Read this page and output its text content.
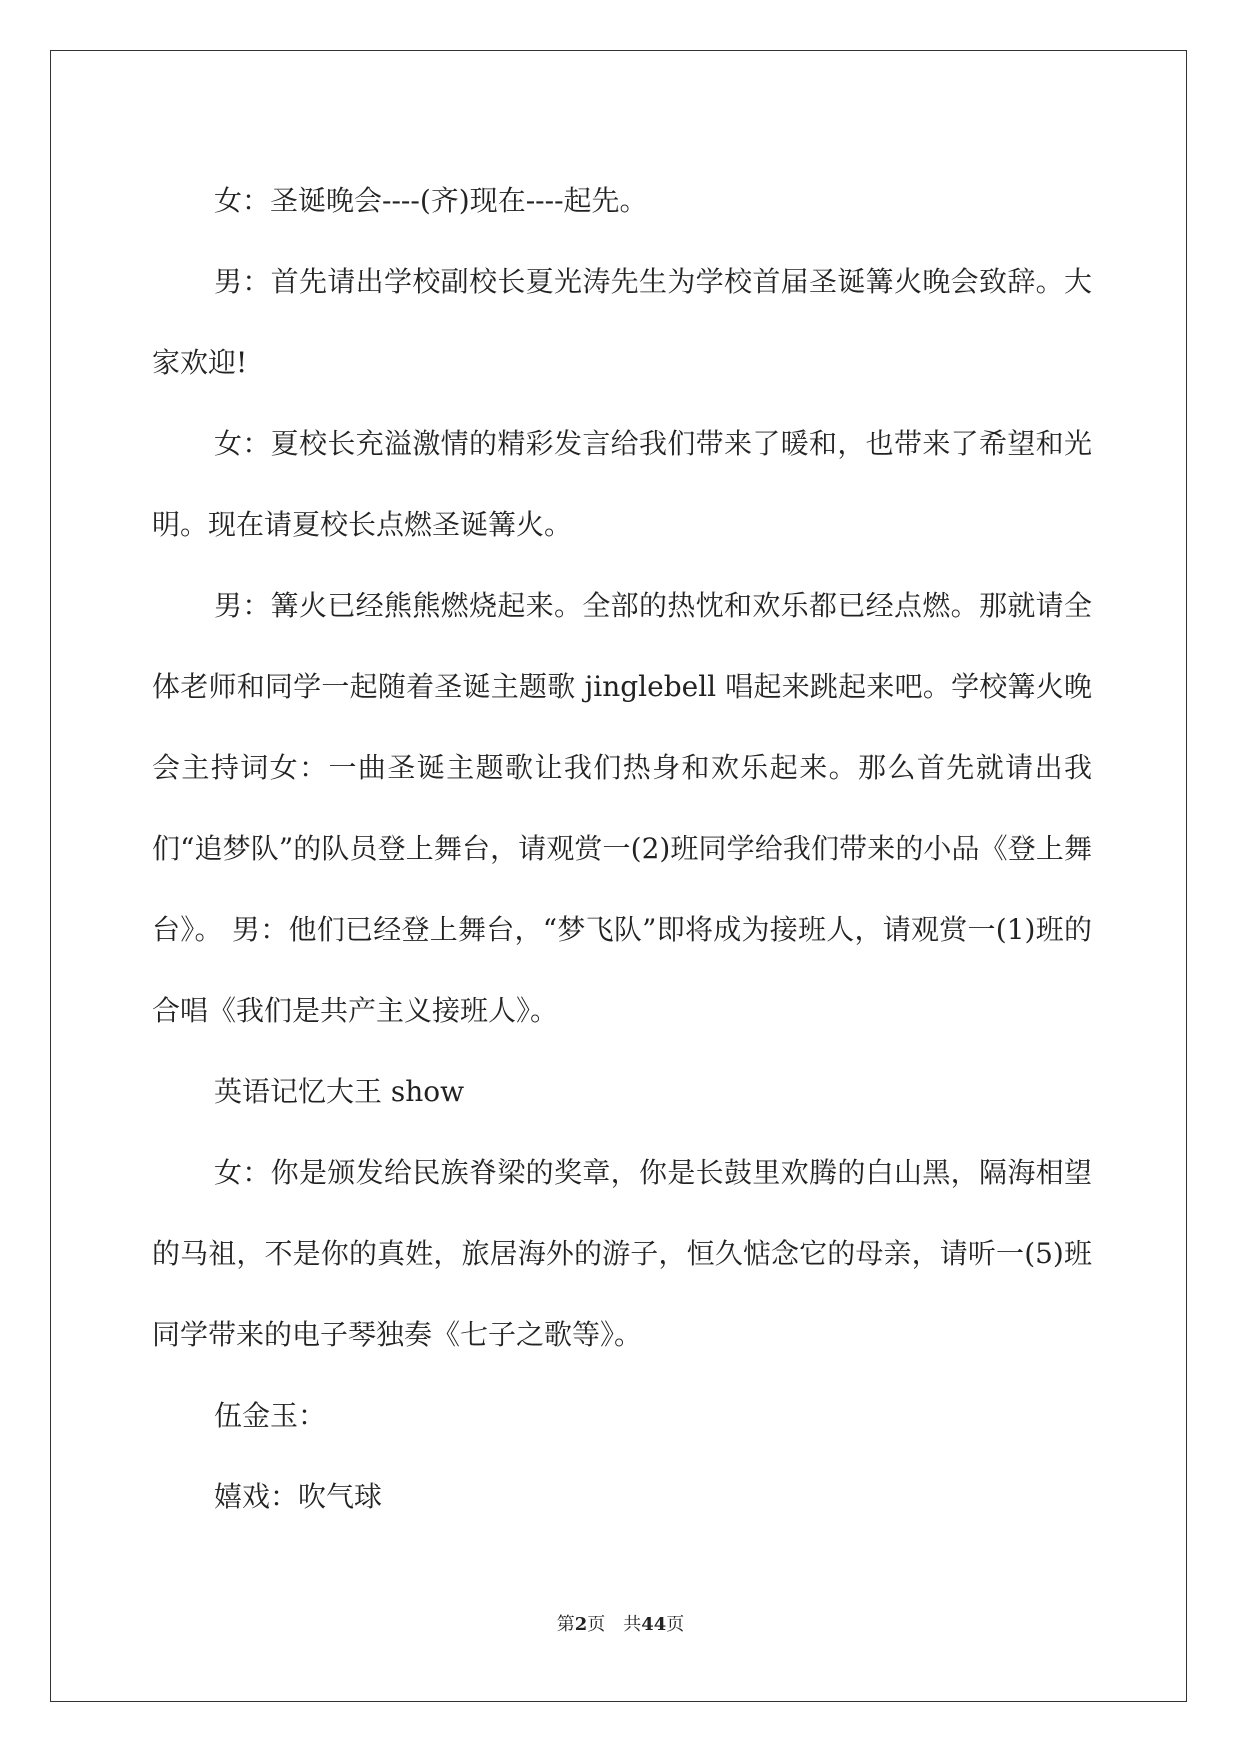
女：圣诞晚会----(齐)现在----起先。

男：首先请出学校副校长夏光涛先生为学校首届圣诞篝火晚会致辞。大家欢迎!

女：夏校长充溢激情的精彩发言给我们带来了暖和，也带来了希望和光明。现在请夏校长点燃圣诞篝火。

男：篝火已经熊熊燃烧起来。全部的热忱和欢乐都已经点燃。那就请全体老师和同学一起随着圣诞主题歌 jinglebell 唱起来跳起来吧。学校篝火晚会主持词女：一曲圣诞主题歌让我们热身和欢乐起来。那么首先就请出我们“追梦队”的队员登上舞台，请观赏一(2)班同学给我们带来的小品《登上舞台》。 男：他们已经登上舞台，“梦飞队”即将成为接班人，请观赏一(1)班的合唱《我们是共产主义接班人》。

英语记忆大王 show

女：你是颁发给民族脊梁的奖章，你是长鼓里欢腾的白山黑，隔海相望的马祖，不是你的真姓，旅居海外的游子，恒久惦念它的母亲，请听一(5)班同学带来的电子琴独奏《七子之歌等》。

伍金玉：

嬉戏：吹气球

第2页　共44页
